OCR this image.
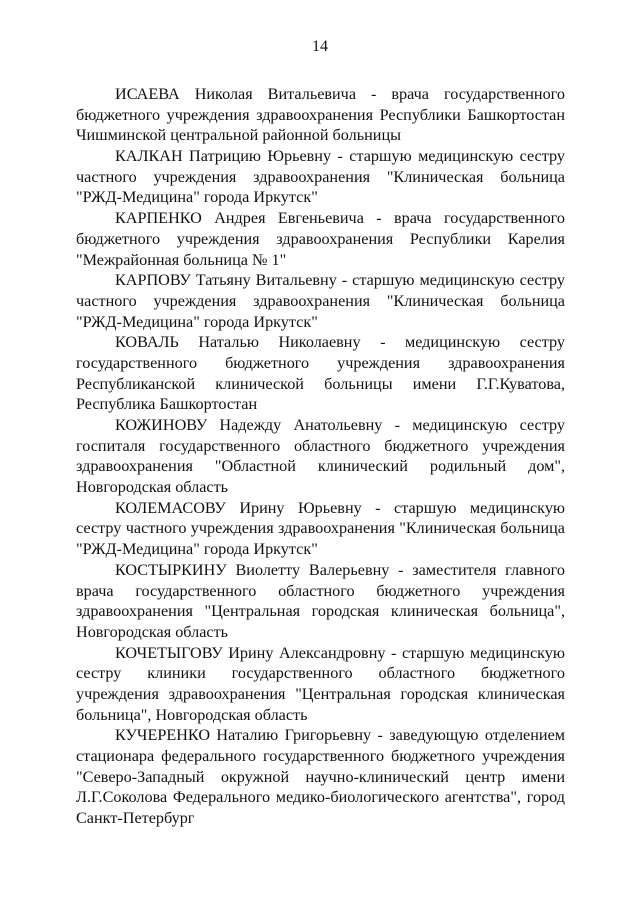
14

ИСАЕВА Николая Витальевича - врача государственного
бюджетного учреждения здравоохранения Республики Башкортостан
Чишминской центральной районной больницы

КАЛКАН Патрицию Юрьевну - старшую медицинскую сестру
частного учреждения здравоохранения "Клиническая больница
"РЖД-Медицина" города Иркутск"

КАРПЕНКО Андрея Евгеньевича - врача государственного
бюджетного учреждения здравоохранения Республики Карелия
"Межрайонная больница № 1"

КАРПОВУ Татьяну Витальевну - старшую медицинскую сестру
частного учреждения здравоохранения "Клиническая больница
"РЖД-Медицина" города Иркутск"

КОВАЛЬ Наталью Николаевну - медицинскую сестру
государственного бюджетного учреждения здравоохранения
Республиканской клинической больницы имени Г.Г.Куватова,
Республика Башкортостан

КОЖИНОВУ Надежду Анатольевну - медицинскую сестру
госпиталя государственного областного бюджетного учреждения
здравоохранения "Областной клинический родильный дом",
Новгородская область

КОЛЕМАСОВУ Ирину Юрьевну - старшую медицинскую
сестру частного учреждения здравоохранения "Клиническая больница
"РЖД-Медицина" города Иркутск"

КОСТЫРКИНУ Виолетту Валерьевну - заместителя главного
врача государственного областного бюджетного учреждения
здравоохранения "Центральная городская клиническая больница",
Новгородская область

КОЧЕТЫГОВУ Ирину Александровну - старшую медицинскую
сестру клиники государственного областного бюджетного
учреждения здравоохранения "Центральная городская клиническая
больница", Новгородская область

КУЧЕРЕНКО Наталию Григорьевну - заведующую отделением
стационара федерального государственного бюджетного учреждения
"Северо-Западный окружной научно-клинический центр имени
Л.Г.Соколова Федерального медико-биологического агентства", город
Санкт-Петербург
